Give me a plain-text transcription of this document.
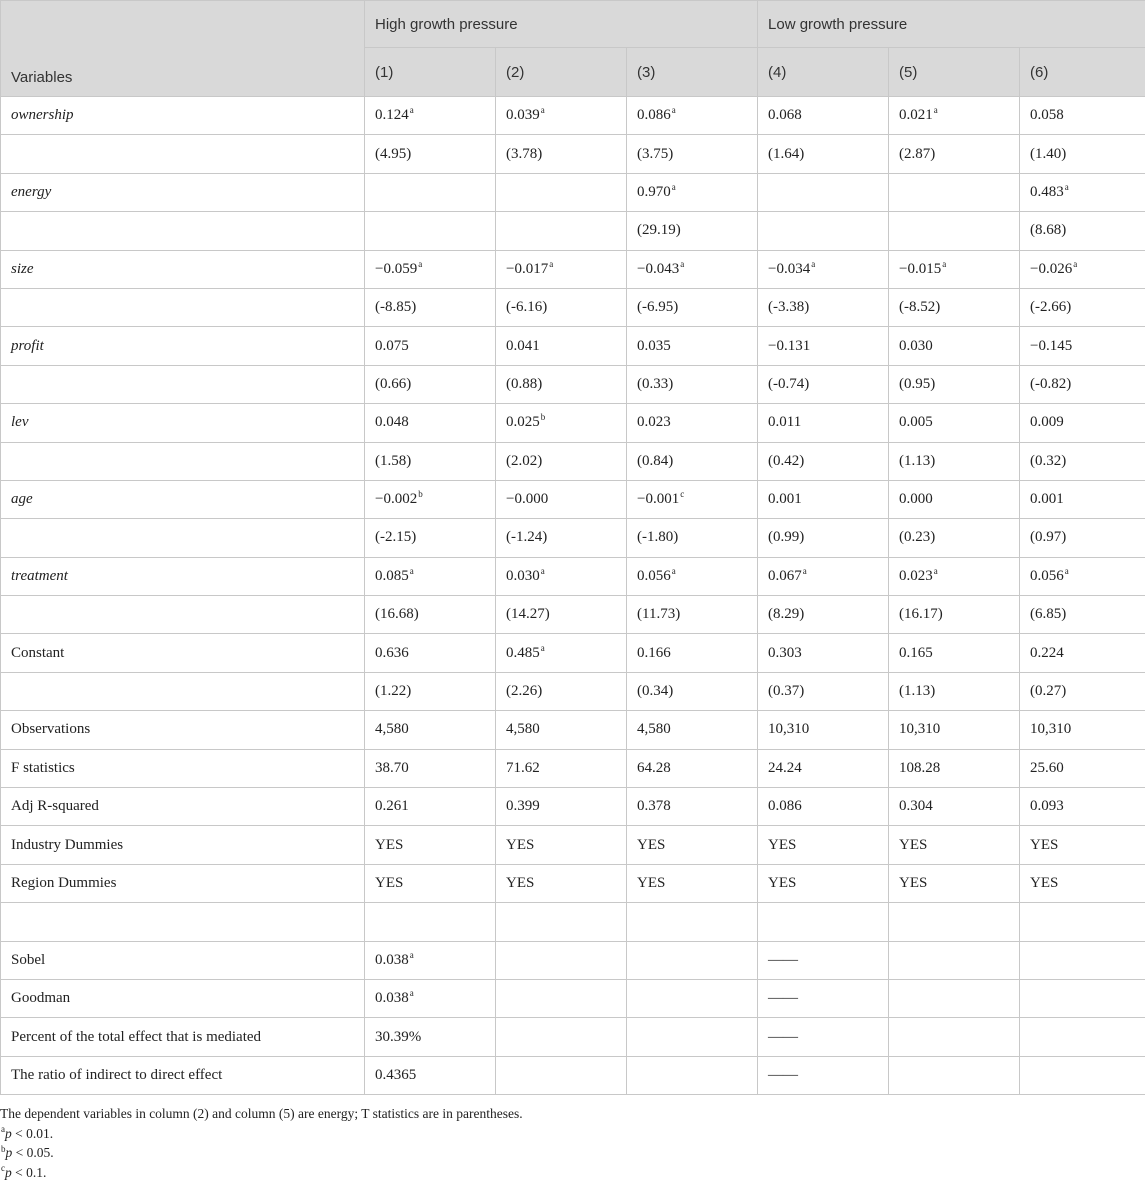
Variables	High growth pressure			Low growth pressure		
	(1)	(2)	(3)	(4)	(5)	(6)
ownership	0.124$^a$	0.039$^a$	0.086$^a$	0.068	0.021$^a$	0.058
	(4.95)	(3.78)	(3.75)	(1.64)	(2.87)	(1.40)
energy			0.970$^a$			0.483$^a$
			(29.19)			(8.68)
size	−0.059$^a$	−0.017$^a$	−0.043$^a$	−0.034$^a$	−0.015$^a$	−0.026$^a$
	(-8.85)	(-6.16)	(-6.95)	(-3.38)	(-8.52)	(-2.66)
profit	0.075	0.041	0.035	−0.131	0.030	−0.145
	(0.66)	(0.88)	(0.33)	(-0.74)	(0.95)	(-0.82)
lev	0.048	0.025$^b$	0.023	0.011	0.005	0.009
	(1.58)	(2.02)	(0.84)	(0.42)	(1.13)	(0.32)
age	−0.002$^b$	−0.000	−0.001$^c$	0.001	0.000	0.001
	(-2.15)	(-1.24)	(-1.80)	(0.99)	(0.23)	(0.97)
treatment	0.085$^a$	0.030$^a$	0.056$^a$	0.067$^a$	0.023$^a$	0.056$^a$
	(16.68)	(14.27)	(11.73)	(8.29)	(16.17)	(6.85)
Constant	0.636	0.485$^a$	0.166	0.303	0.165	0.224
	(1.22)	(2.26)	(0.34)	(0.37)	(1.13)	(0.27)
Observations	4,580	4,580	4,580	10,310	10,310	10,310
F statistics	38.70	71.62	64.28	24.24	108.28	25.60
Adj R-squared	0.261	0.399	0.378	0.086	0.304	0.093
Industry Dummies	YES	YES	YES	YES	YES	YES
Region Dummies	YES	YES	YES	YES	YES	YES

Sobel	0.038$^a$			——		
Goodman	0.038$^a$			——		
Percent of the total effect that is mediated	30.39%			——		
The ratio of indirect to direct effect	0.4365			——		
The dependent variables in column (2) and column (5) are energy; T statistics are in parentheses.
$^a$p < 0.01.
$^b$p < 0.05.
$^c$p < 0.1.
